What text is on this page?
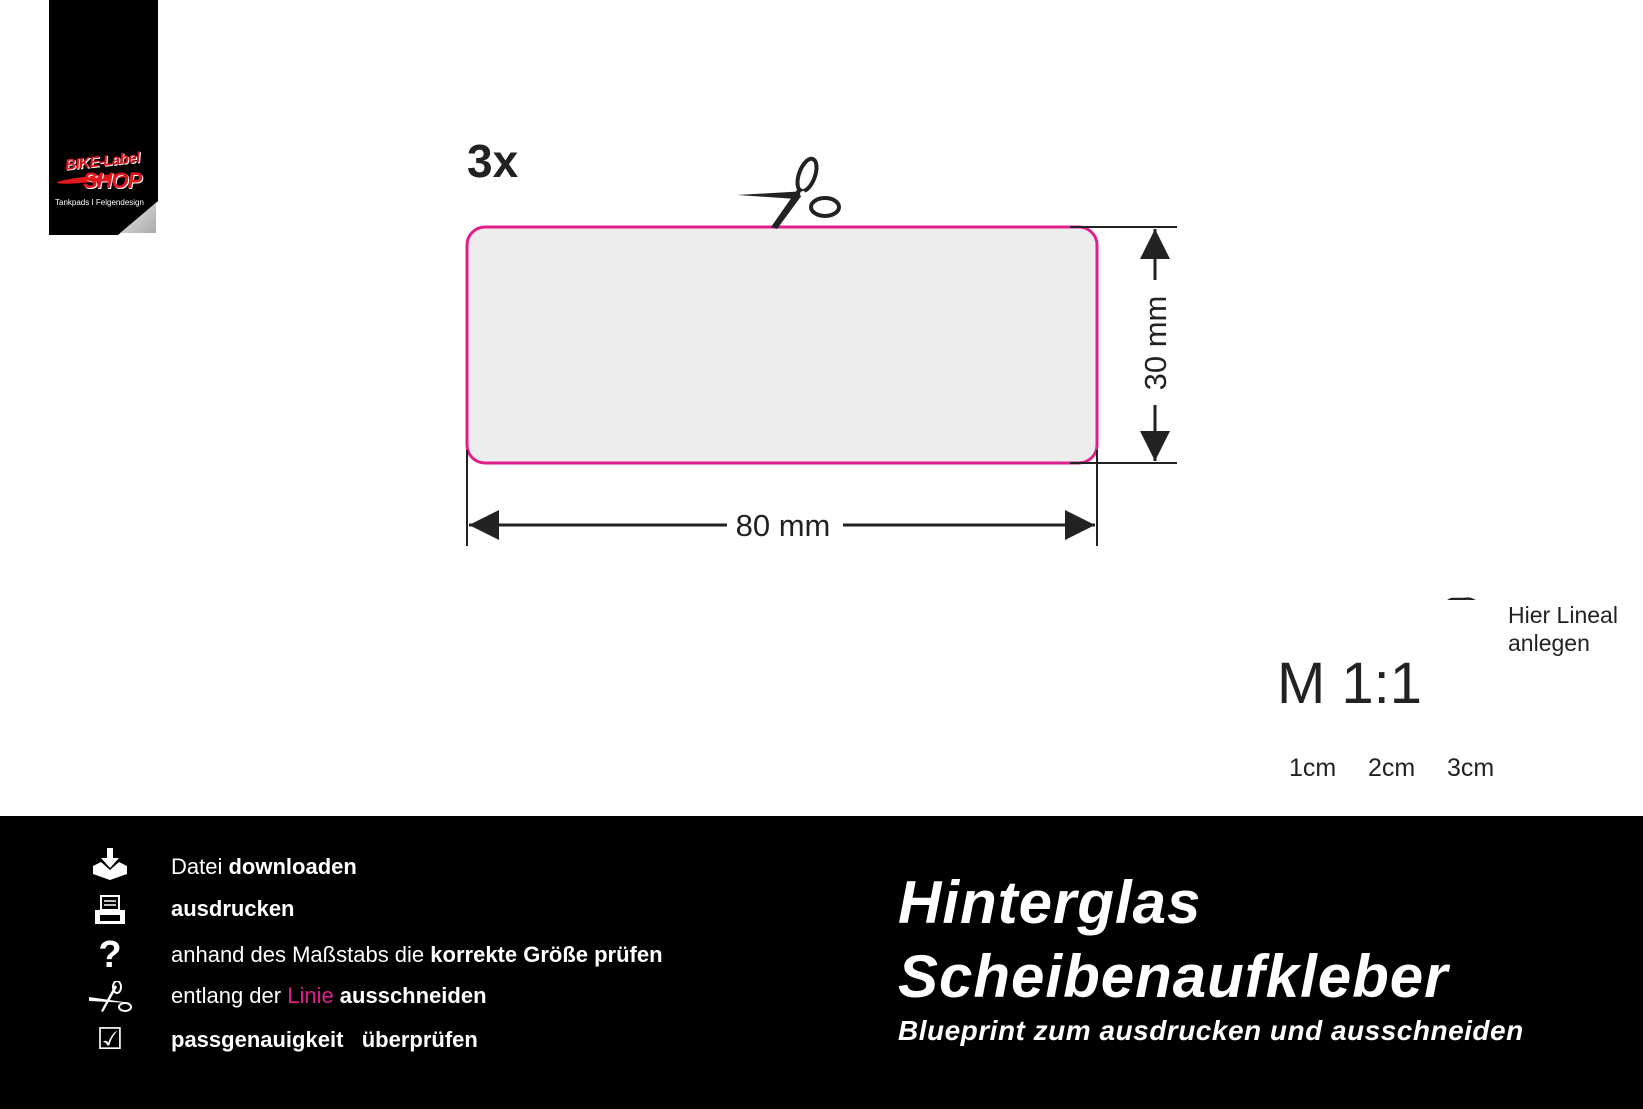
BIKE-Label
SHOP
Tankpads I Felgendesign
3x
80 mm
30 mm
M 1:1
1cm 2cm 3cm
Hier Lineal
anlegen
Datei downloaden
ausdrucken
?	anhand des Maßstabs die korrekte Größe prüfen
entlang der Linie ausschneiden
☑	passgenauigkeit   überprüfen
Hinterglas
Scheibenaufkleber
Blueprint zum ausdrucken und ausschneiden
